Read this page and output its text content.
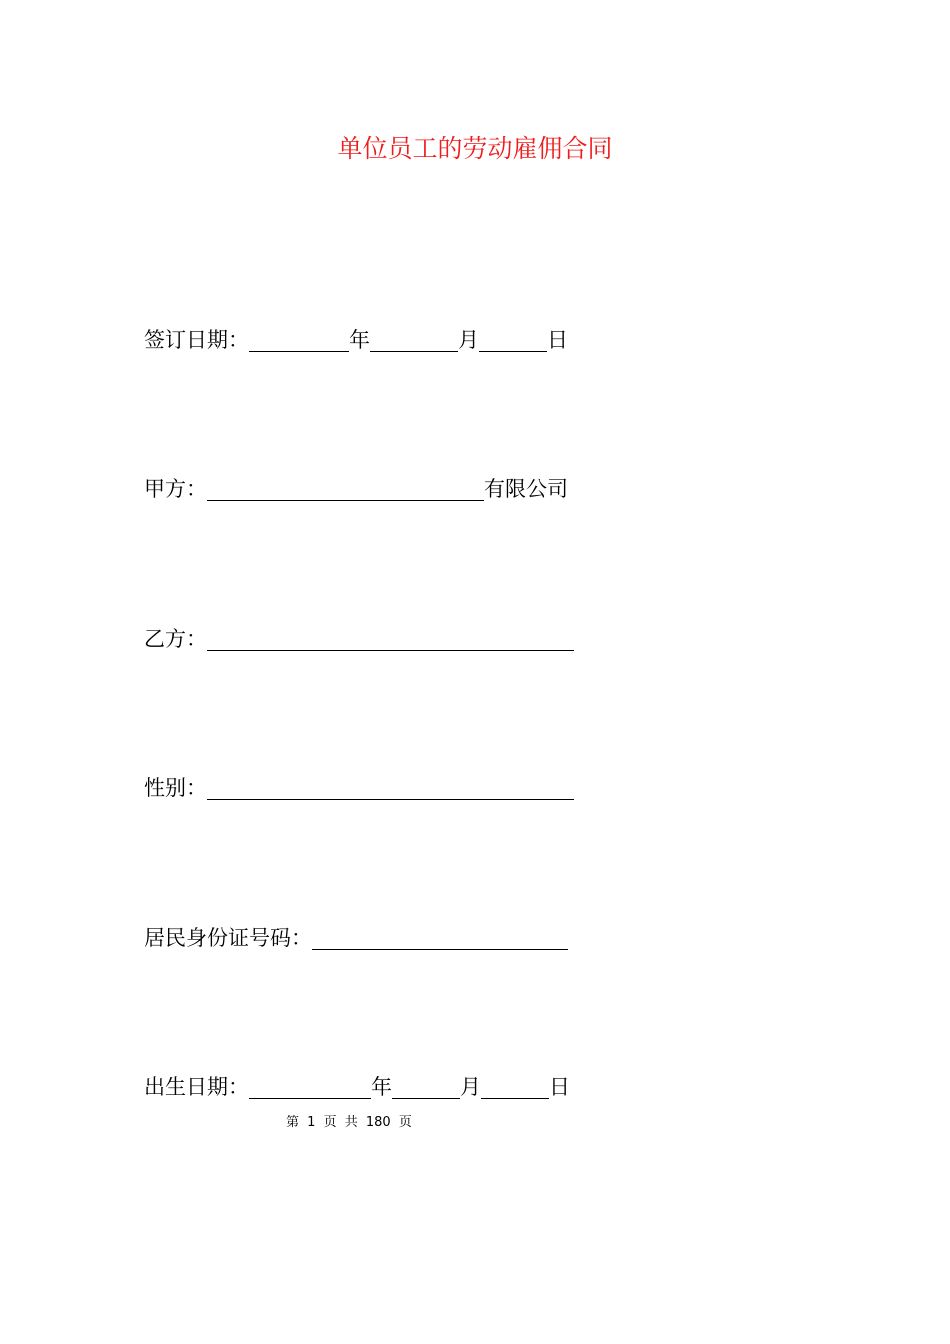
单位员工的劳动雇佣合同
签订日期：	年	月	日
甲方：	有限公司
乙方：
性别：
居民身份证号码：
出生日期：	年	月	日
第 1 页 共 180 页
